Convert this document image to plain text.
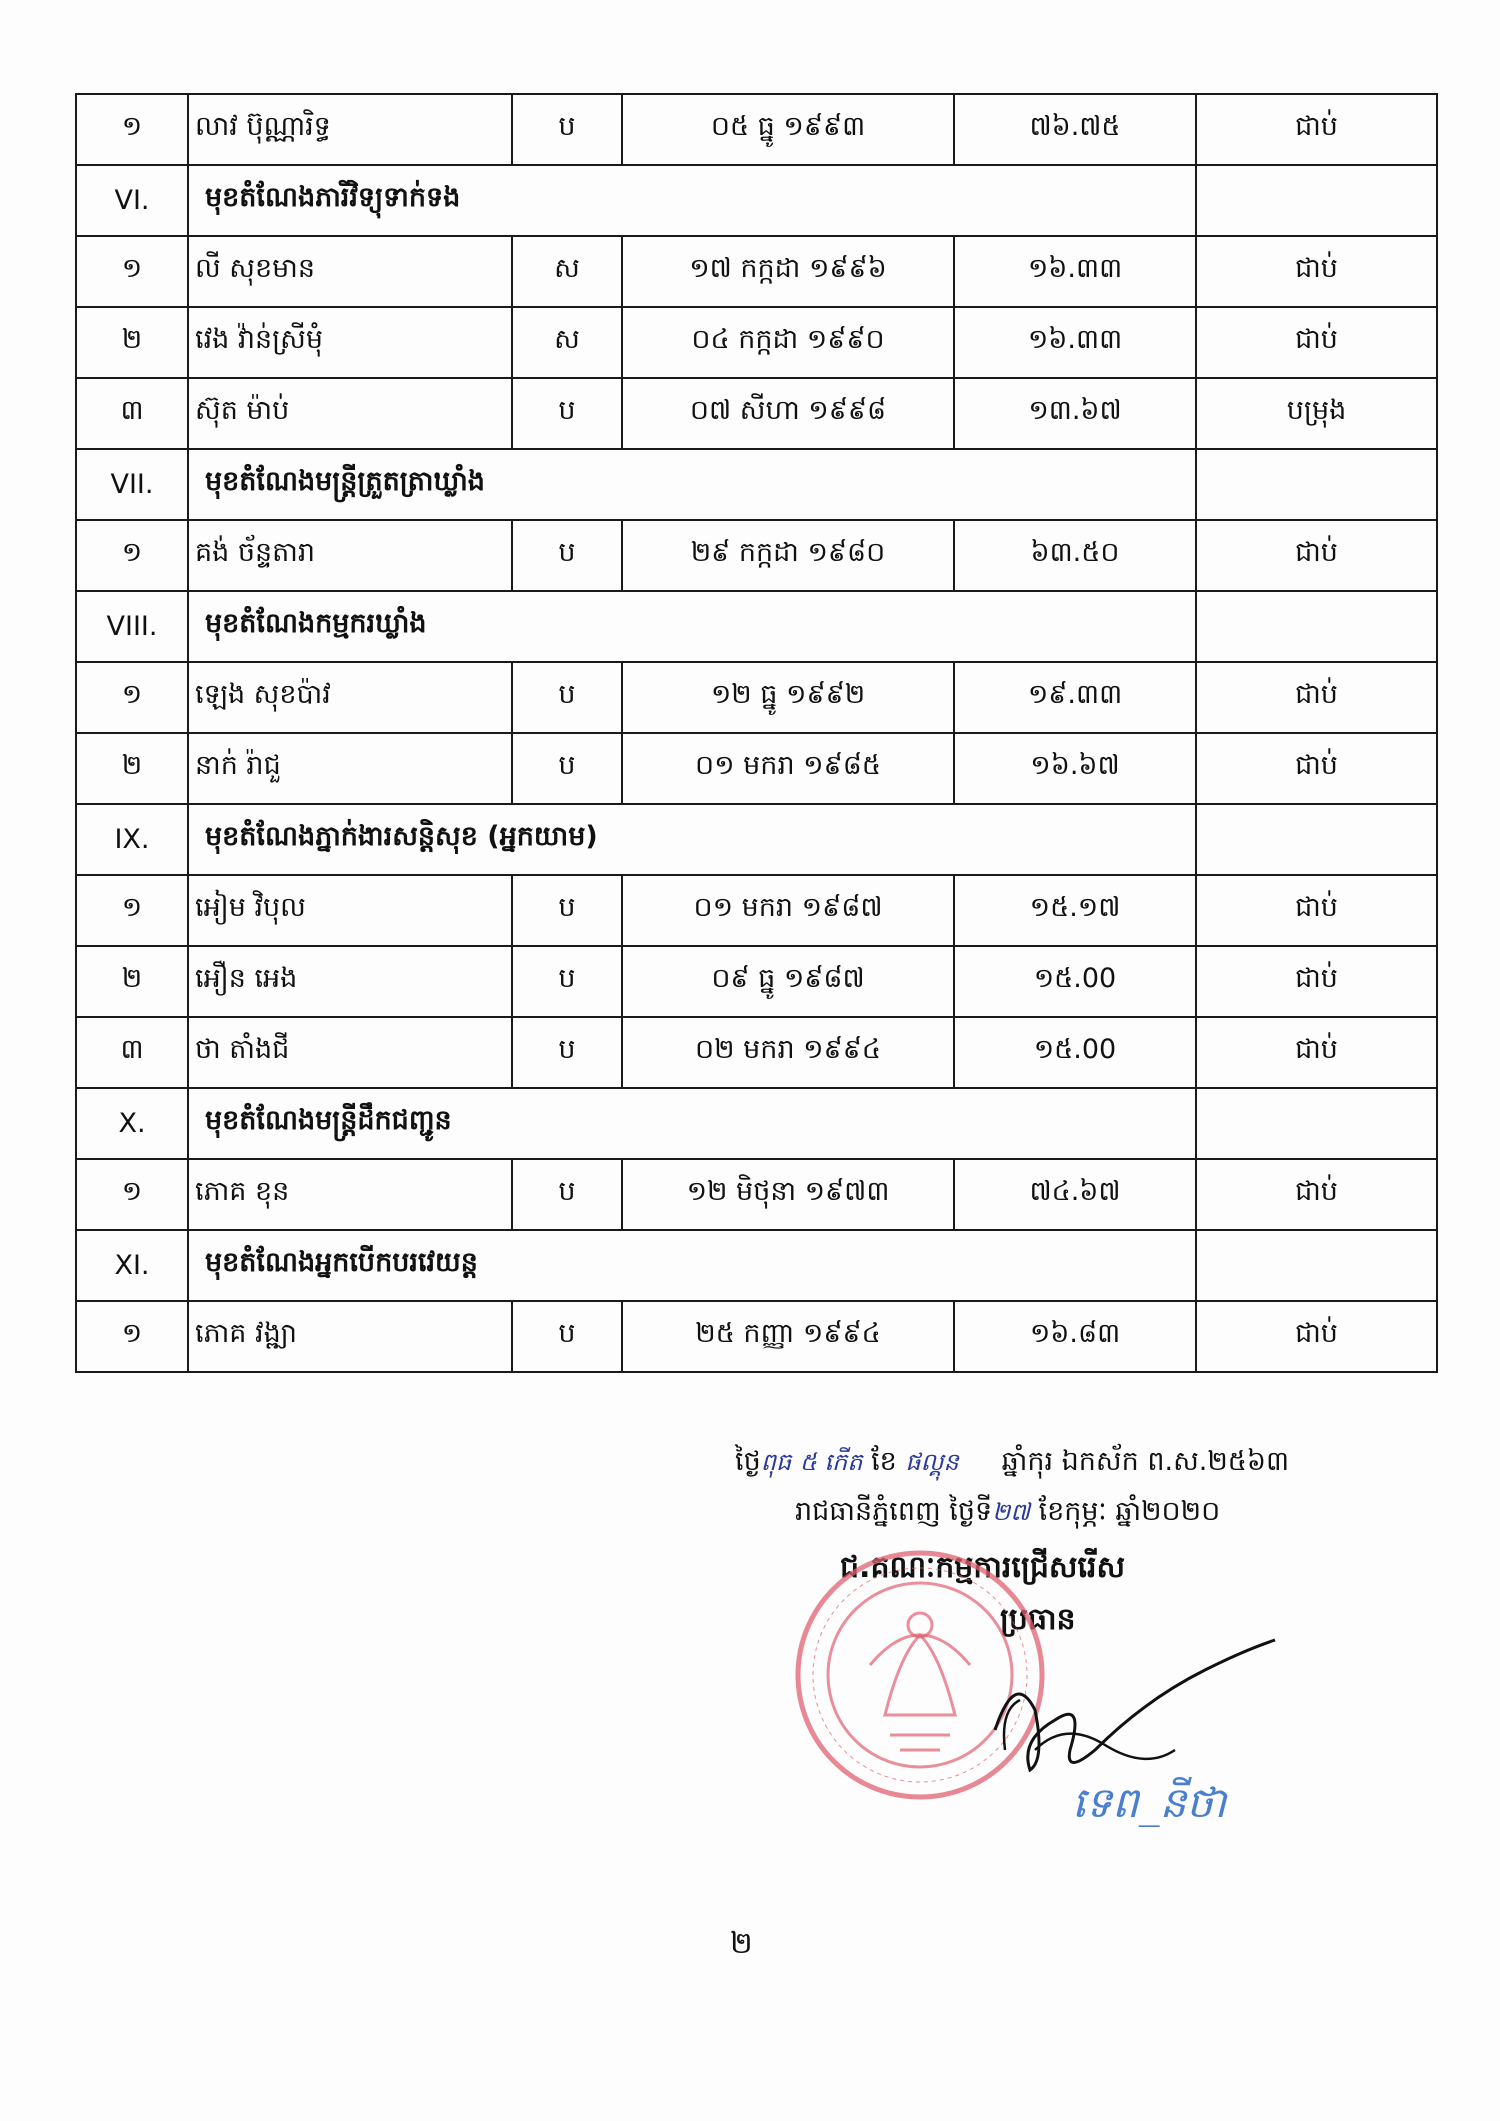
១	លាវ ប៊ុណ្ណារិទ្ធ	ប	០៥ ធ្នូ ១៩៩៣	៧៦.៧៥	ជាប់
VI.	មុខតំណែងភារីវិទ្យុទាក់ទង				
១	លី សុខមាន	ស	១៧ កក្កដា ១៩៩៦	១៦.៣៣	ជាប់
២	វេង វ៉ាន់ស្រីមុំ	ស	០៤ កក្កដា ១៩៩០	១៦.៣៣	ជាប់
៣	ស៊ុត ម៉ាប់	ប	០៧ សីហា ១៩៩៨	១៣.៦៧	បម្រុង
VII.	មុខតំណែងមន្ត្រីត្រួតត្រាឃ្លាំង				
១	គង់ ច័ន្ទតារា	ប	២៩ កក្កដា ១៩៨០	៦៣.៥០	ជាប់
VIII.	មុខតំណែងកម្មករឃ្លាំង				
១	ឡេង សុខប៉ាវ	ប	១២ ធ្នូ ១៩៩២	១៩.៣៣	ជាប់
២	នាក់ រ៉ាជួ	ប	០១ មករា ១៩៨៥	១៦.៦៧	ជាប់
IX.	មុខតំណែងភ្នាក់ងារសន្តិសុខ (អ្នកយាម)				
១	អៀម វិបុល	ប	០១ មករា ១៩៨៧	១៥.១៧	ជាប់
២	អឿន អេង	ប	០៩ ធ្នូ ១៩៨៧	១៥.00	ជាប់
៣	ថា តាំងជី	ប	០២ មករា ១៩៩៤	១៥.00	ជាប់
X.	មុខតំណែងមន្ត្រីដឹកជញ្ជូន				
១	ភោគ ខុន	ប	១២ មិថុនា ១៩៧៣	៧៤.៦៧	ជាប់
XI.	មុខតំណែងអ្នកបើកបរវេយន្ត				
១	ភោគ វង្ឍា	ប	២៥ កញ្ញា ១៩៩៤	១៦.៨៣	ជាប់
ថ្ងៃពុធ ៥ កើត ខែ ផល្គុន ឆ្នាំកុរ ឯកស័ក ព.ស.២៥៦៣
រាជធានីភ្នំពេញ ថ្ងៃទី២៧ ខែកុម្ភៈ ឆ្នាំ២០២០
ជ.គណៈកម្មការជ្រើសរើស
ប្រធាន
ទេព_នីថា
២
